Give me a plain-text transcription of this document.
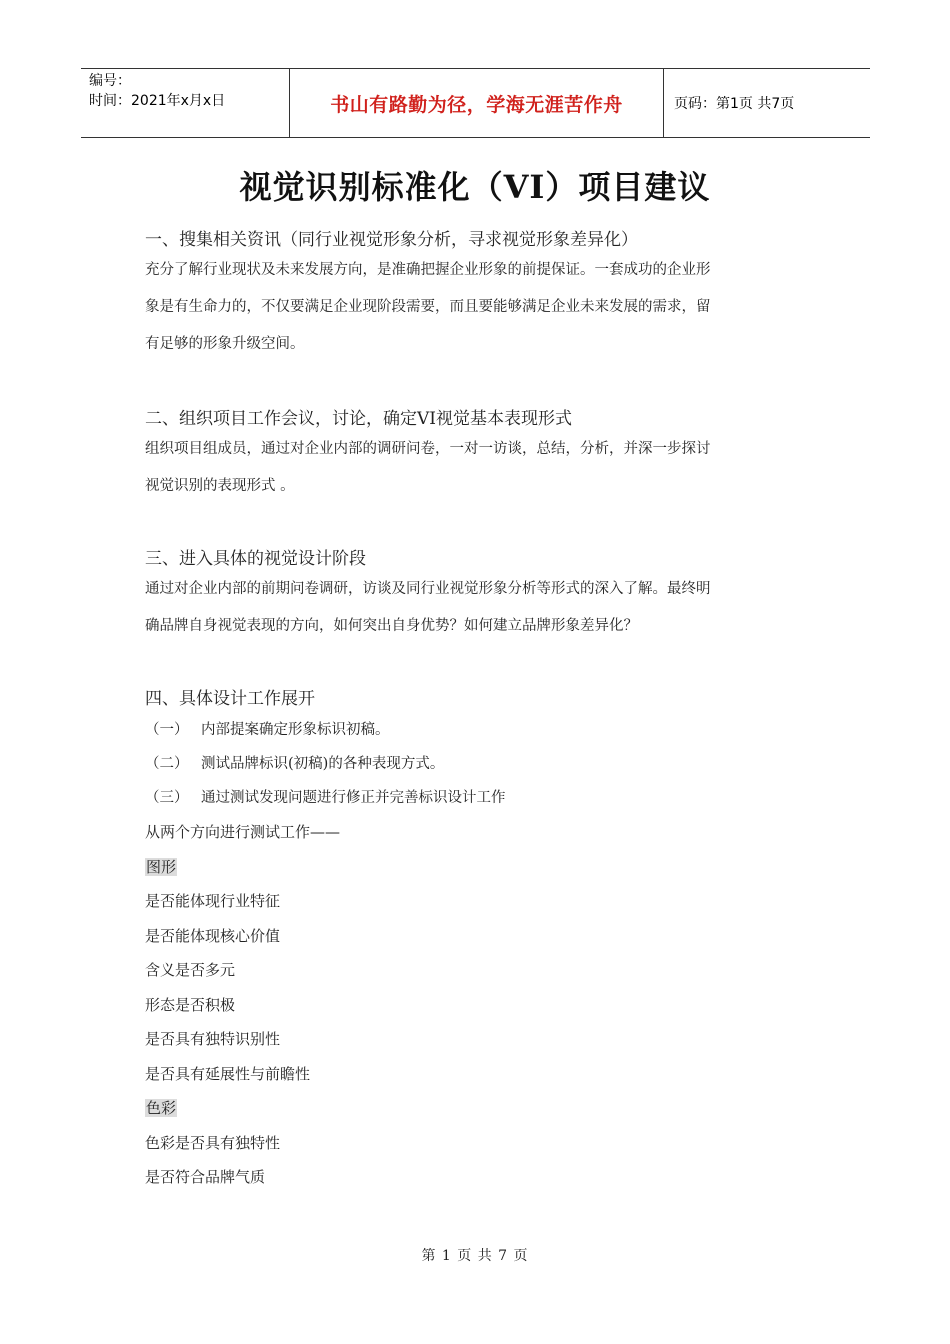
编号：
时间：2021年x月x日	书山有路勤为径，学海无涯苦作舟	页码：第1页 共7页
视觉识别标准化（VI）项目建议

一、搜集相关资讯（同行业视觉形象分析，寻求视觉形象差异化）

充分了解行业现状及未来发展方向，是准确把握企业形象的前提保证。一套成功的企业形
象是有生命力的，不仅要满足企业现阶段需要，而且要能够满足企业未来发展的需求，留
有足够的形象升级空间。

二、组织项目工作会议，讨论，确定VI视觉基本表现形式

组织项目组成员，通过对企业内部的调研问卷，一对一访谈，总结，分析，并深一步探讨
视觉识别的表现形式 。

三、进入具体的视觉设计阶段

通过对企业内部的前期问卷调研，访谈及同行业视觉形象分析等形式的深入了解。最终明
确品牌自身视觉表现的方向，如何突出自身优势？如何建立品牌形象差异化？

四、具体设计工作展开

（一） 内部提案确定形象标识初稿。
（二） 测试品牌标识(初稿)的各种表现方式。
（三） 通过测试发现问题进行修正并完善标识设计工作
从两个方向进行测试工作——
图形
是否能体现行业特征
是否能体现核心价值
含义是否多元
形态是否积极
是否具有独特识别性
是否具有延展性与前瞻性
色彩
色彩是否具有独特性
是否符合品牌气质
第 1 页 共 7 页
